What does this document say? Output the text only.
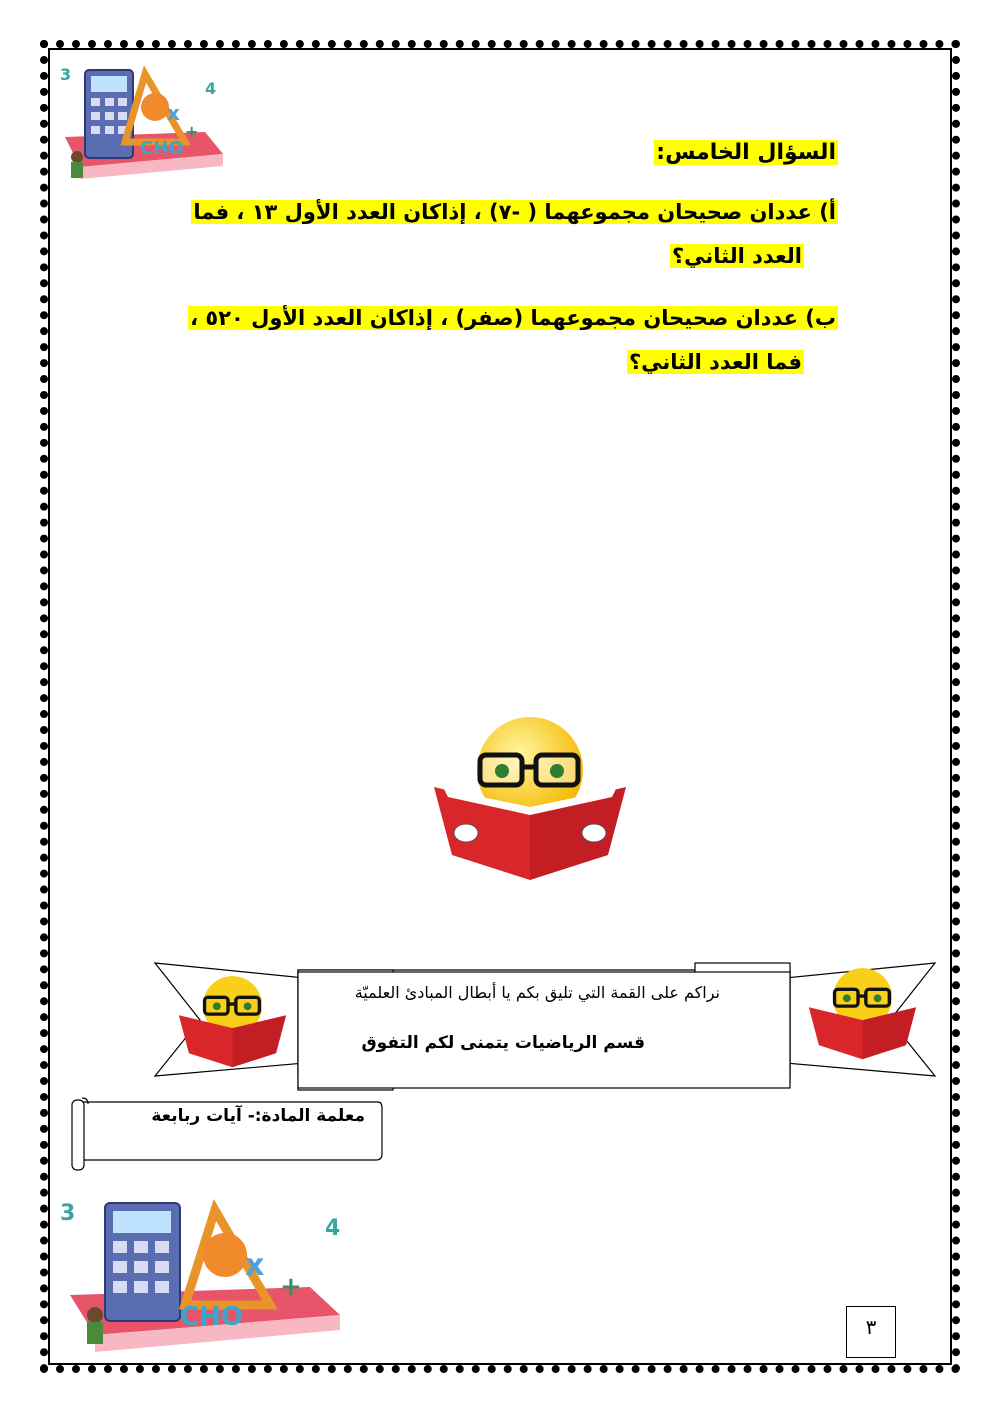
x
CHO
+
3
4
السؤال الخامس:
أ) عددان صحيحان مجموعهما ( -٧) ، إذاكان العدد الأول ١٣ ، فما
العدد الثاني؟
ب) عددان صحيحان مجموعهما (صفر) ، إذاكان العدد الأول ٥٢٠ ،
فما العدد الثاني؟
نراكم على القمة التي تليق بكم يا أبطال المبادئ العلميّة
قسم الرياضيات يتمنى لكم التفوق
معلمة المادة:- آيات ربابعة
x
CHO
+
3
4
٣
